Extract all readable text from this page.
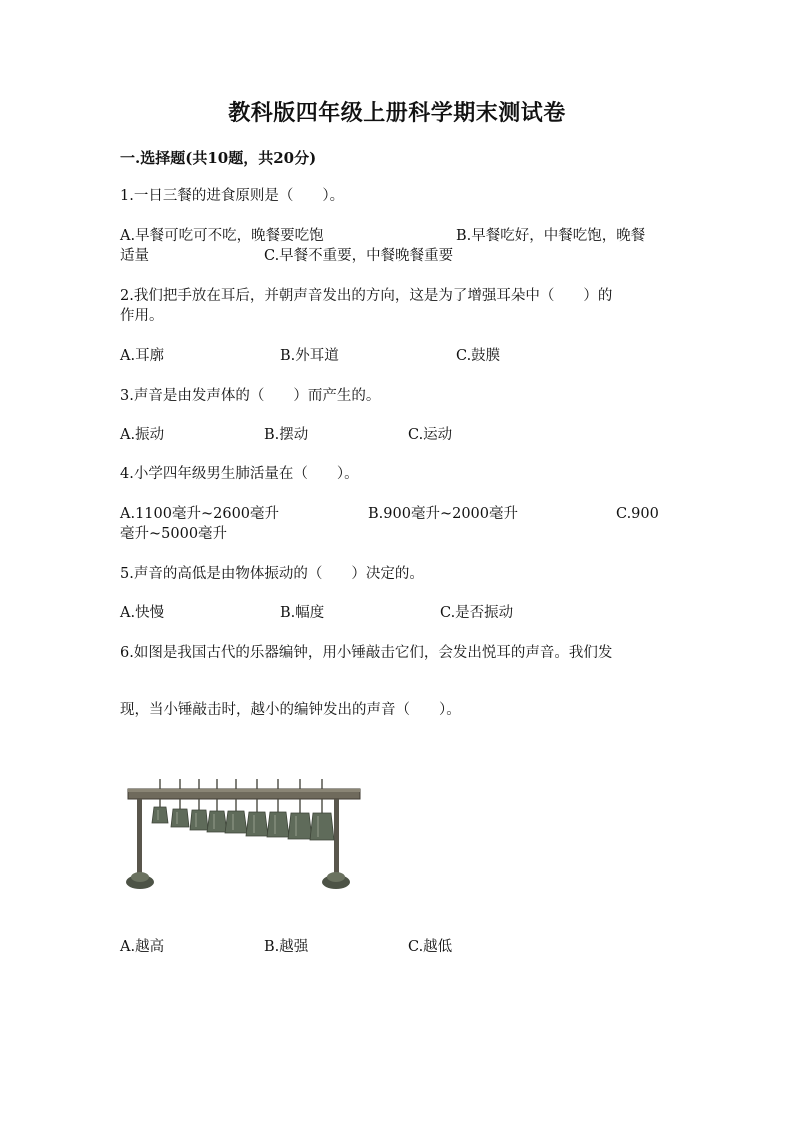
教科版四年级上册科学期末测试卷
一.选择题(共10题，共20分)
1.一日三餐的进食原则是（　　）。
A.早餐可吃可不吃，晚餐要吃饱	B.早餐吃好，中餐吃饱，晚餐
适量	C.早餐不重要，中餐晚餐重要
2.我们把手放在耳后，并朝声音发出的方向，这是为了增强耳朵中（　　）的
作用。
A.耳廓	B.外耳道	C.鼓膜
3.声音是由发声体的（　　）而产生的。
A.振动	B.摆动	C.运动
4.小学四年级男生肺活量在（　　）。
A.1100毫升~2600毫升	B.900毫升~2000毫升	C.900
毫升~5000毫升
5.声音的高低是由物体振动的（　　）决定的。
A.快慢	B.幅度	C.是否振动
6.如图是我国古代的乐器编钟，用小锤敲击它们，会发出悦耳的声音。我们发
现，当小锤敲击时，越小的编钟发出的声音（　　）。
A.越高	B.越强	C.越低
